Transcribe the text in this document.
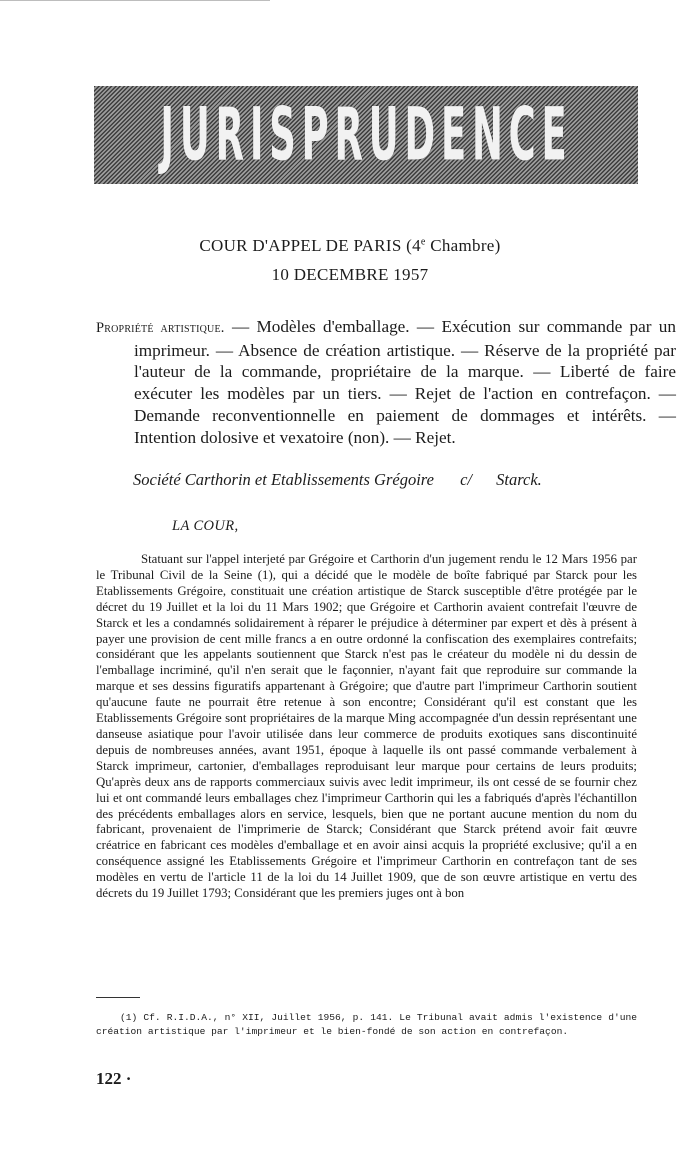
JURISPRUDENCE
COUR D'APPEL DE PARIS (4e Chambre)
10 DECEMBRE 1957
Propriété artistique. — Modèles d'emballage. — Exécution sur commande par un imprimeur. — Absence de création artistique. — Réserve de la propriété par l'auteur de la commande, propriétaire de la marque. — Liberté de faire exécuter les modèles par un tiers. — Rejet de l'action en contrefaçon. — Demande reconventionnelle en paiement de dommages et intérêts. — Intention dolosive et vexatoire (non). — Rejet.
Société Carthorin et Etablissements Grégoire c/ Starck.
LA COUR,

Statuant sur l'appel interjeté par Grégoire et Carthorin d'un jugement rendu le 12 Mars 1956 par le Tribunal Civil de la Seine (1), qui a décidé que le modèle de boîte fabriqué par Starck pour les Etablissements Grégoire, constituait une création artistique de Starck susceptible d'être protégée par le décret du 19 Juillet et la loi du 11 Mars 1902; que Grégoire et Carthorin avaient contrefait l'œuvre de Starck et les a condamnés solidairement à réparer le préjudice à déterminer par expert et dès à présent à payer une provision de cent mille francs a en outre ordonné la confiscation des exemplaires contrefaits; considérant que les appelants soutiennent que Starck n'est pas le créateur du modèle ni du dessin de l'emballage incriminé, qu'il n'en serait que le façonnier, n'ayant fait que reproduire sur commande la marque et ses dessins figuratifs appartenant à Grégoire; que d'autre part l'imprimeur Carthorin soutient qu'aucune faute ne pourrait être retenue à son encontre; Considérant qu'il est constant que les Etablissements Grégoire sont propriétaires de la marque Ming accompagnée d'un dessin représentant une danseuse asiatique pour l'avoir utilisée dans leur commerce de produits exotiques sans discontinuité depuis de nombreuses années, avant 1951, époque à laquelle ils ont passé commande verbalement à Starck imprimeur, cartonier, d'emballages reproduisant leur marque pour certains de leurs produits; Qu'après deux ans de rapports commerciaux suivis avec ledit imprimeur, ils ont cessé de se fournir chez lui et ont commandé leurs emballages chez l'imprimeur Carthorin qui les a fabriqués d'après l'échantillon des précédents emballages alors en service, lesquels, bien que ne portant aucune mention du nom du fabricant, provenaient de l'imprimerie de Starck; Considérant que Starck prétend avoir fait œuvre créatrice en fabricant ces modèles d'emballage et en avoir ainsi acquis la propriété exclusive; qu'il a en conséquence assigné les Etablissements Grégoire et l'imprimeur Carthorin en contrefaçon tant de ses modèles en vertu de l'article 11 de la loi du 14 Juillet 1909, que de son œuvre artistique en vertu des décrets du 19 Juillet 1793; Considérant que les premiers juges ont à bon

(1) Cf. R.I.D.A., n° XII, Juillet 1956, p. 141. Le Tribunal avait admis l'existence d'une création artistique par l'imprimeur et le bien-fondé de son action en contrefaçon.

122 ·
